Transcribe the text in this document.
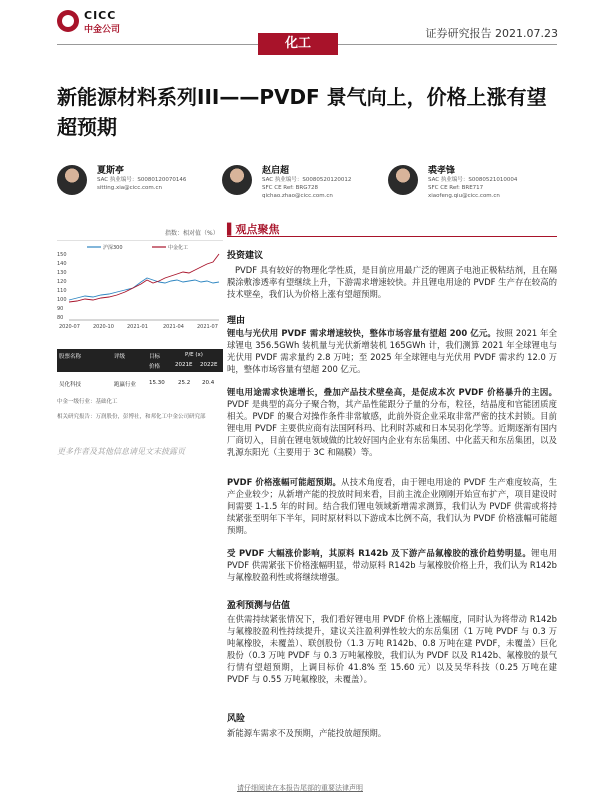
CICC
中金公司	证券研究报告 2021.07.23
化工
新能源材料系列III——PVDF 景气向上，价格上涨有望超预期
夏斯亭
SAC 执业编号：S0080120070146
sitting.xia@cicc.com.cn
赵启超
SAC 执业编号：S0080520120012
SFC CE Ref: BRG728
qichao.zhao@cicc.com.cn
裘孝锋
SAC 执业编号：S0080521010004
SFC CE Ref: BRE717
xiaofeng.qiu@cicc.com.cn
指数：相对值（%）
沪深300	中金化工
150
140
130
120
110
100
90
80
2020-07	2020-10	2021-01	2021-04	2021-07
股票名称	评级	目标	P/E (x)
价格	2021E 2022E
吴化科技	跑赢行业 15.30 25.2 20.4
中金一级行业：基础化工
相关研究报告：万润股份，彭博社，和邦化工中金公司研究部
更多作者及其他信息请见文末披露页
▌观点聚焦
投资建议
PVDF 具有较好的物理化学性质，是目前应用最广泛的锂离子电池正极粘结剂，且在隔膜涂敷渗透率有望继续上升，下游需求增速较快。并且锂电用途的 PVDF 生产存在较高的技术壁垒，我们认为价格上涨有望超预期。
理由
锂电与光伏用 PVDF 需求增速较快，整体市场容量有望超 200 亿元。按照 2021 年全球锂电 356.5GWh 装机量与光伏新增装机 165GWh 计，我们测算 2021 年全球锂电与光伏用 PVDF 需求量约 2.8 万吨；至 2025 年全球锂电与光伏用 PVDF 需求约 12.0 万吨，整体市场容量有望超 200 亿元。
锂电用途需求快速增长，叠加产品技术壁垒高，是促成本次 PVDF 价格暴升的主因。PVDF 是典型的高分子聚合物，其产品性能跟分子量的分布，粒径，结晶度和官能团质度相关。PVDF 的聚合对操作条件非常敏感，此前外资企业采取非常严密的技术封锁。目前锂电用 PVDF 主要供应商有法国阿科玛、比利时苏威和日本吴羽化学等。近期逐渐有国内厂商切入，目前在锂电领域做的比较好国内企业有东岳集团、中化蓝天和东岳集团，以及乳源东阳光（主要用于 3C 和隔膜）等。
PVDF 价格涨幅可能超预期。从技术角度看，由于锂电用途的 PVDF 生产难度较高，生产企业较少；从新增产能的投放时间来看，目前主流企业刚刚开始宣布扩产，项目建设时间需要 1-1.5 年的时间。结合我们锂电领域新增需求测算，我们认为 PVDF 供需或将持续紧张至明年下半年，同时原材料以下游成本比例不高，我们认为 PVDF 价格涨幅可能超预期。
受 PVDF 大幅涨价影响，其原料 R142b 及下游产品氟橡胶的涨价趋势明显。锂电用 PVDF 供需紧张下价格涨幅明显，带动原料 R142b 与氟橡胶价格上升，我们认为 R142b 与氟橡胶盈利性或将继续增强。
盈利预测与估值
在供需持续紧张情况下，我们看好锂电用 PVDF 价格上涨幅度，同时认为将带动 R142b 与氟橡胶盈利性持续提升，建议关注盈利弹性较大的东岳集团（1 万吨 PVDF 与 0.3 万吨氟橡胶，未覆盖）、联创股份（1.3 万吨 R142b、0.8 万吨在建 PVDF，未覆盖）巨化股份（0.3 万吨 PVDF 与 0.3 万吨氟橡胶，我们认为 PVDF 以及 R142b、氟橡胶的景气行情有望超预期，上调目标价 41.8% 至 15.60 元）以及吴华科技（0.25 万吨在建 PVDF 与 0.55 万吨氟橡胶，未覆盖）。
风险
新能源车需求不及预期，产能投放超预期。
请仔细阅读在本报告尾部的重要法律声明
